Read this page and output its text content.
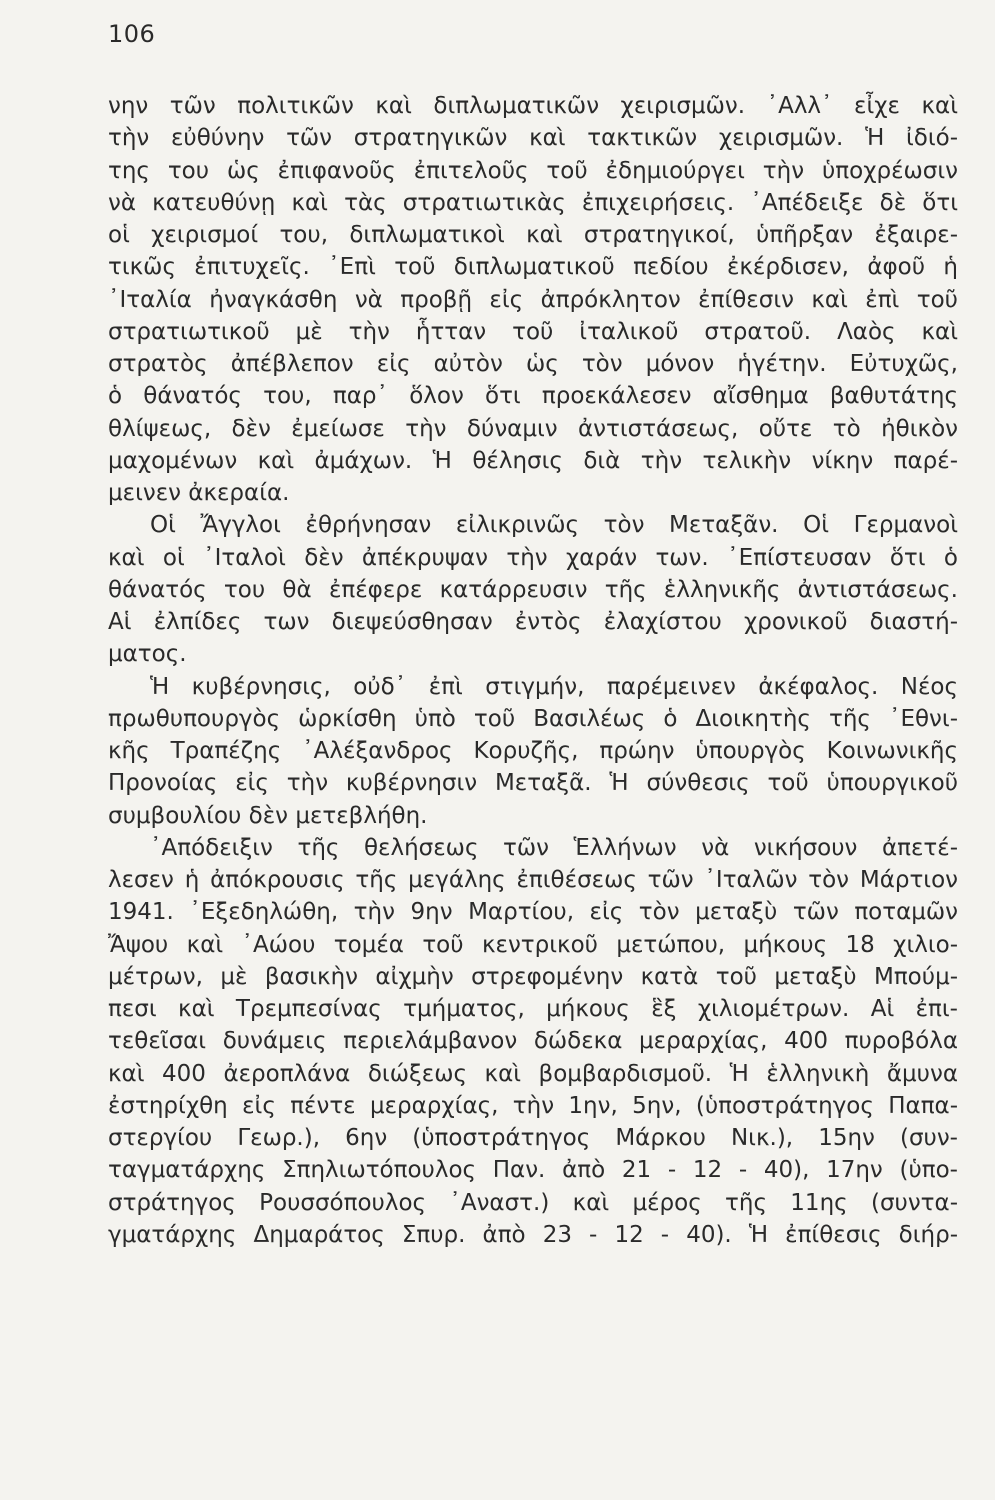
106
νην τῶν πολιτικῶν καὶ διπλωματικῶν χειρισμῶν. ᾿Αλλ᾿ εἶχε καὶ
τὴν εὐθύνην τῶν στρατηγικῶν καὶ τακτικῶν χειρισμῶν. Ἡ ἰδιό-
της του ὡς ἐπιφανοῦς ἐπιτελοῦς τοῦ ἐδημιούργει τὴν ὑποχρέωσιν
νὰ κατευθύνῃ καὶ τὰς στρατιωτικὰς ἐπιχειρήσεις. ᾿Απέδειξε δὲ ὅτι
οἱ χειρισμοί του, διπλωματικοὶ καὶ στρατηγικοί, ὑπῆρξαν ἐξαιρε-
τικῶς ἐπιτυχεῖς. ᾿Επὶ τοῦ διπλωματικοῦ πεδίου ἐκέρδισεν, ἀφοῦ ἡ
᾿Ιταλία ἠναγκάσθη νὰ προβῇ εἰς ἀπρόκλητον ἐπίθεσιν καὶ ἐπὶ τοῦ
στρατιωτικοῦ μὲ τὴν ἧτταν τοῦ ἰταλικοῦ στρατοῦ. Λαὸς καὶ
στρατὸς ἀπέβλεπον εἰς αὐτὸν ὡς τὸν μόνον ἡγέτην. Εὐτυχῶς,
ὁ θάνατός του, παρ᾿ ὅλον ὅτι προεκάλεσεν αἴσθημα βαθυτάτης
θλίψεως, δὲν ἐμείωσε τὴν δύναμιν ἀντιστάσεως, οὔτε τὸ ἠθικὸν
μαχομένων καὶ ἀμάχων. Ἡ θέλησις διὰ τὴν τελικὴν νίκην παρέ-
μεινεν ἀκεραία.
Οἱ Ἄγγλοι ἐθρήνησαν εἰλικρινῶς τὸν Μεταξᾶν. Οἱ Γερμανοὶ
καὶ οἱ ᾿Ιταλοὶ δὲν ἀπέκρυψαν τὴν χαράν των. ᾿Επίστευσαν ὅτι ὁ
θάνατός του θὰ ἐπέφερε κατάρρευσιν τῆς ἑλληνικῆς ἀντιστάσεως.
Αἱ ἐλπίδες των διεψεύσθησαν ἐντὸς ἐλαχίστου χρονικοῦ διαστή-
ματος.
Ἡ κυβέρνησις, οὐδ᾿ ἐπὶ στιγμήν, παρέμεινεν ἀκέφαλος. Νέος
πρωθυπουργὸς ὡρκίσθη ὑπὸ τοῦ Βασιλέως ὁ Διοικητὴς τῆς ᾿Εθνι-
κῆς Τραπέζης ᾿Αλέξανδρος Κορυζῆς, πρώην ὑπουργὸς Κοινωνικῆς
Προνοίας εἰς τὴν κυβέρνησιν Μεταξᾶ. Ἡ σύνθεσις τοῦ ὑπουργικοῦ
συμβουλίου δὲν μετεβλήθη.
᾿Απόδειξιν τῆς θελήσεως τῶν Ἑλλήνων νὰ νικήσουν ἀπετέ-
λεσεν ἡ ἀπόκρουσις τῆς μεγάλης ἐπιθέσεως τῶν ᾿Ιταλῶν τὸν Μάρτιον
1941. ᾿Εξεδηλώθη, τὴν 9ην Μαρτίου, εἰς τὸν μεταξὺ τῶν ποταμῶν
Ἄψου καὶ ᾿Αώου τομέα τοῦ κεντρικοῦ μετώπου, μήκους 18 χιλιο-
μέτρων, μὲ βασικὴν αἰχμὴν στρεφομένην κατὰ τοῦ μεταξὺ Μπούμ-
πεσι καὶ Τρεμπεσίνας τμήματος, μήκους ἓξ χιλιομέτρων. Αἱ ἐπι-
τεθεῖσαι δυνάμεις περιελάμβανον δώδεκα μεραρχίας, 400 πυροβόλα
καὶ 400 ἀεροπλάνα διώξεως καὶ βομβαρδισμοῦ. Ἡ ἑλληνικὴ ἄμυνα
ἐστηρίχθη εἰς πέντε μεραρχίας, τὴν 1ην, 5ην, (ὑποστράτηγος Παπα-
στεργίου Γεωρ.), 6ην (ὑποστράτηγος Μάρκου Νικ.), 15ην (συν-
ταγματάρχης Σπηλιωτόπουλος Παν. ἀπὸ 21 - 12 - 40), 17ην (ὑπο-
στράτηγος Ρουσσόπουλος ᾿Αναστ.) καὶ μέρος τῆς 11ης (συντα-
γματάρχης Δημαράτος Σπυρ. ἀπὸ 23 - 12 - 40). Ἡ ἐπίθεσις διήρ-
